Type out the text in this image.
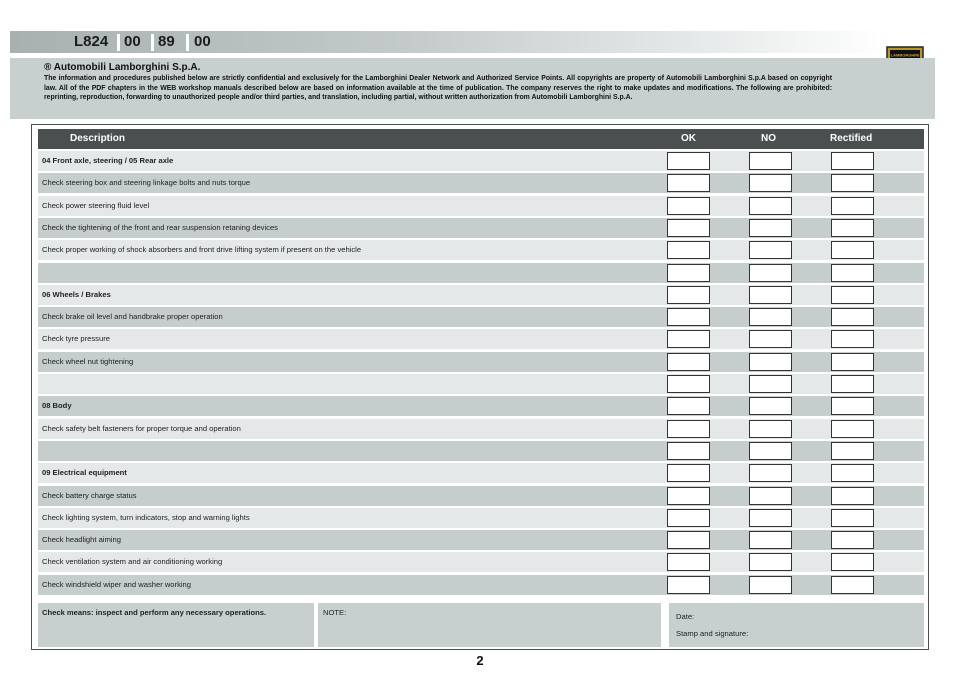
L824 00 89 00
LAMBORGHINI
® Automobili Lamborghini S.p.A.
The information and procedures published below are strictly confidential and exclusively for the Lamborghini Dealer Network and Authorized Service Points. All copyrights are property of Automobili Lamborghini S.p.A based on copyright law. All of the PDF chapters in the WEB workshop manuals described below are based on information available at the time of publication. The company reserves the right to make updates and modifications. The following are prohibited: reprinting, reproduction, forwarding to unauthorized people and/or third parties, and translation, including partial, without written authorization from Automobili Lamborghini S.p.A.
Description	OK	NO	Rectified
04 Front axle, steering / 05 Rear axle
Check steering box and steering linkage bolts and nuts torque
Check power steering fluid level
Check the tightening of the front and rear suspension retaning devices
Check proper working of shock absorbers and front drive lifting system if present on the vehicle
06 Wheels / Brakes
Check brake oil level and handbrake proper operation
Check tyre pressure
Check wheel nut tightening
08 Body
Check safety belt fasteners for proper torque and operation
09 Electrical equipment
Check battery charge status
Check lighting system, turn indicators, stop and warning lights
Check headlight aiming
Check ventilation system and air conditioning working
Check windshield wiper and washer working
Check means: inspect and perform any necessary operations.	NOTE:	Date:
Stamp and signature:
2
